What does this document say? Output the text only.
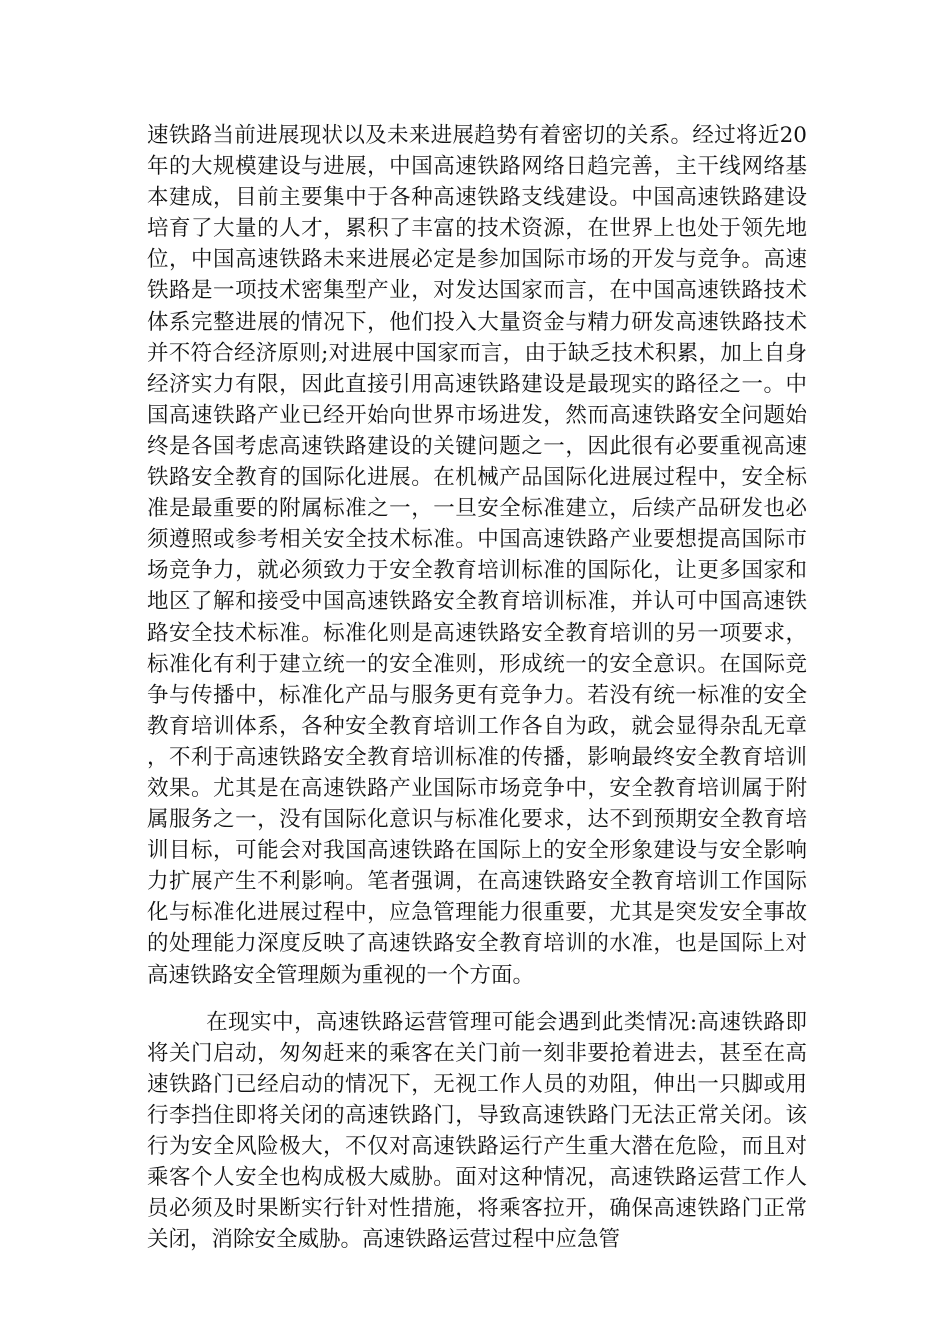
速铁路当前进展现状以及未来进展趋势有着密切的关系。经过将近20年的大规模建设与进展，中国高速铁路网络日趋完善，主干线网络基本建成，目前主要集中于各种高速铁路支线建设。中国高速铁路建设培育了大量的人才，累积了丰富的技术资源，在世界上也处于领先地位，中国高速铁路未来进展必定是参加国际市场的开发与竞争。高速铁路是一项技术密集型产业，对发达国家而言，在中国高速铁路技术体系完整进展的情况下，他们投入大量资金与精力研发高速铁路技术并不符合经济原则;对进展中国家而言，由于缺乏技术积累，加上自身经济实力有限，因此直接引用高速铁路建设是最现实的路径之一。中国高速铁路产业已经开始向世界市场进发，然而高速铁路安全问题始终是各国考虑高速铁路建设的关键问题之一，因此很有必要重视高速铁路安全教育的国际化进展。在机械产品国际化进展过程中，安全标准是最重要的附属标准之一，一旦安全标准建立，后续产品研发也必须遵照或参考相关安全技术标准。中国高速铁路产业要想提高国际市场竞争力，就必须致力于安全教育培训标准的国际化，让更多国家和地区了解和接受中国高速铁路安全教育培训标准，并认可中国高速铁路安全技术标准。标准化则是高速铁路安全教育培训的另一项要求，标准化有利于建立统一的安全准则，形成统一的安全意识。在国际竞争与传播中，标准化产品与服务更有竞争力。若没有统一标准的安全教育培训体系，各种安全教育培训工作各自为政，就会显得杂乱无章，不利于高速铁路安全教育培训标准的传播，影响最终安全教育培训效果。尤其是在高速铁路产业国际市场竞争中，安全教育培训属于附属服务之一，没有国际化意识与标准化要求，达不到预期安全教育培训目标，可能会对我国高速铁路在国际上的安全形象建设与安全影响力扩展产生不利影响。笔者强调，在高速铁路安全教育培训工作国际化与标准化进展过程中，应急管理能力很重要，尤其是突发安全事故的处理能力深度反映了高速铁路安全教育培训的水准，也是国际上对高速铁路安全管理颇为重视的一个方面。

在现实中，高速铁路运营管理可能会遇到此类情况:高速铁路即将关门启动，匆匆赶来的乘客在关门前一刻非要抢着进去，甚至在高速铁路门已经启动的情况下，无视工作人员的劝阻，伸出一只脚或用行李挡住即将关闭的高速铁路门，导致高速铁路门无法正常关闭。该行为安全风险极大，不仅对高速铁路运行产生重大潜在危险，而且对乘客个人安全也构成极大威胁。面对这种情况，高速铁路运营工作人员必须及时果断实行针对性措施，将乘客拉开，确保高速铁路门正常关闭，消除安全威胁。高速铁路运营过程中应急管
